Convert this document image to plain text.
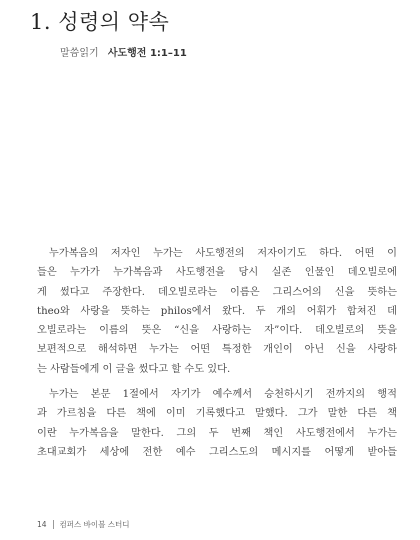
1. 성령의 약속
말씀읽기 사도행전 1:1–11
누가복음의 저자인 누가는 사도행전의 저자이기도 하다. 어떤 이
들은 누가가 누가복음과 사도행전을 당시 실존 인물인 데오빌로에
게 썼다고 주장한다. 데오빌로라는 이름은 그리스어의 신을 뜻하는
theo와 사랑을 뜻하는 philos에서 왔다. 두 개의 어휘가 합쳐진 데
오빌로라는 이름의 뜻은 “신을 사랑하는 자”이다. 데오빌로의 뜻을
보편적으로 해석하면 누가는 어떤 특정한 개인이 아닌 신을 사랑하
는 사람들에게 이 글을 썼다고 할 수도 있다.
누가는 본문 1절에서 자기가 예수께서 승천하시기 전까지의 행적
과 가르침을 다른 책에 이미 기록했다고 말했다. 그가 말한 다른 책
이란 누가복음을 말한다. 그의 두 번째 책인 사도행전에서 누가는
초대교회가 세상에 전한 예수 그리스도의 메시지를 어떻게 받아들
14 컴퍼스 바이블 스터디
